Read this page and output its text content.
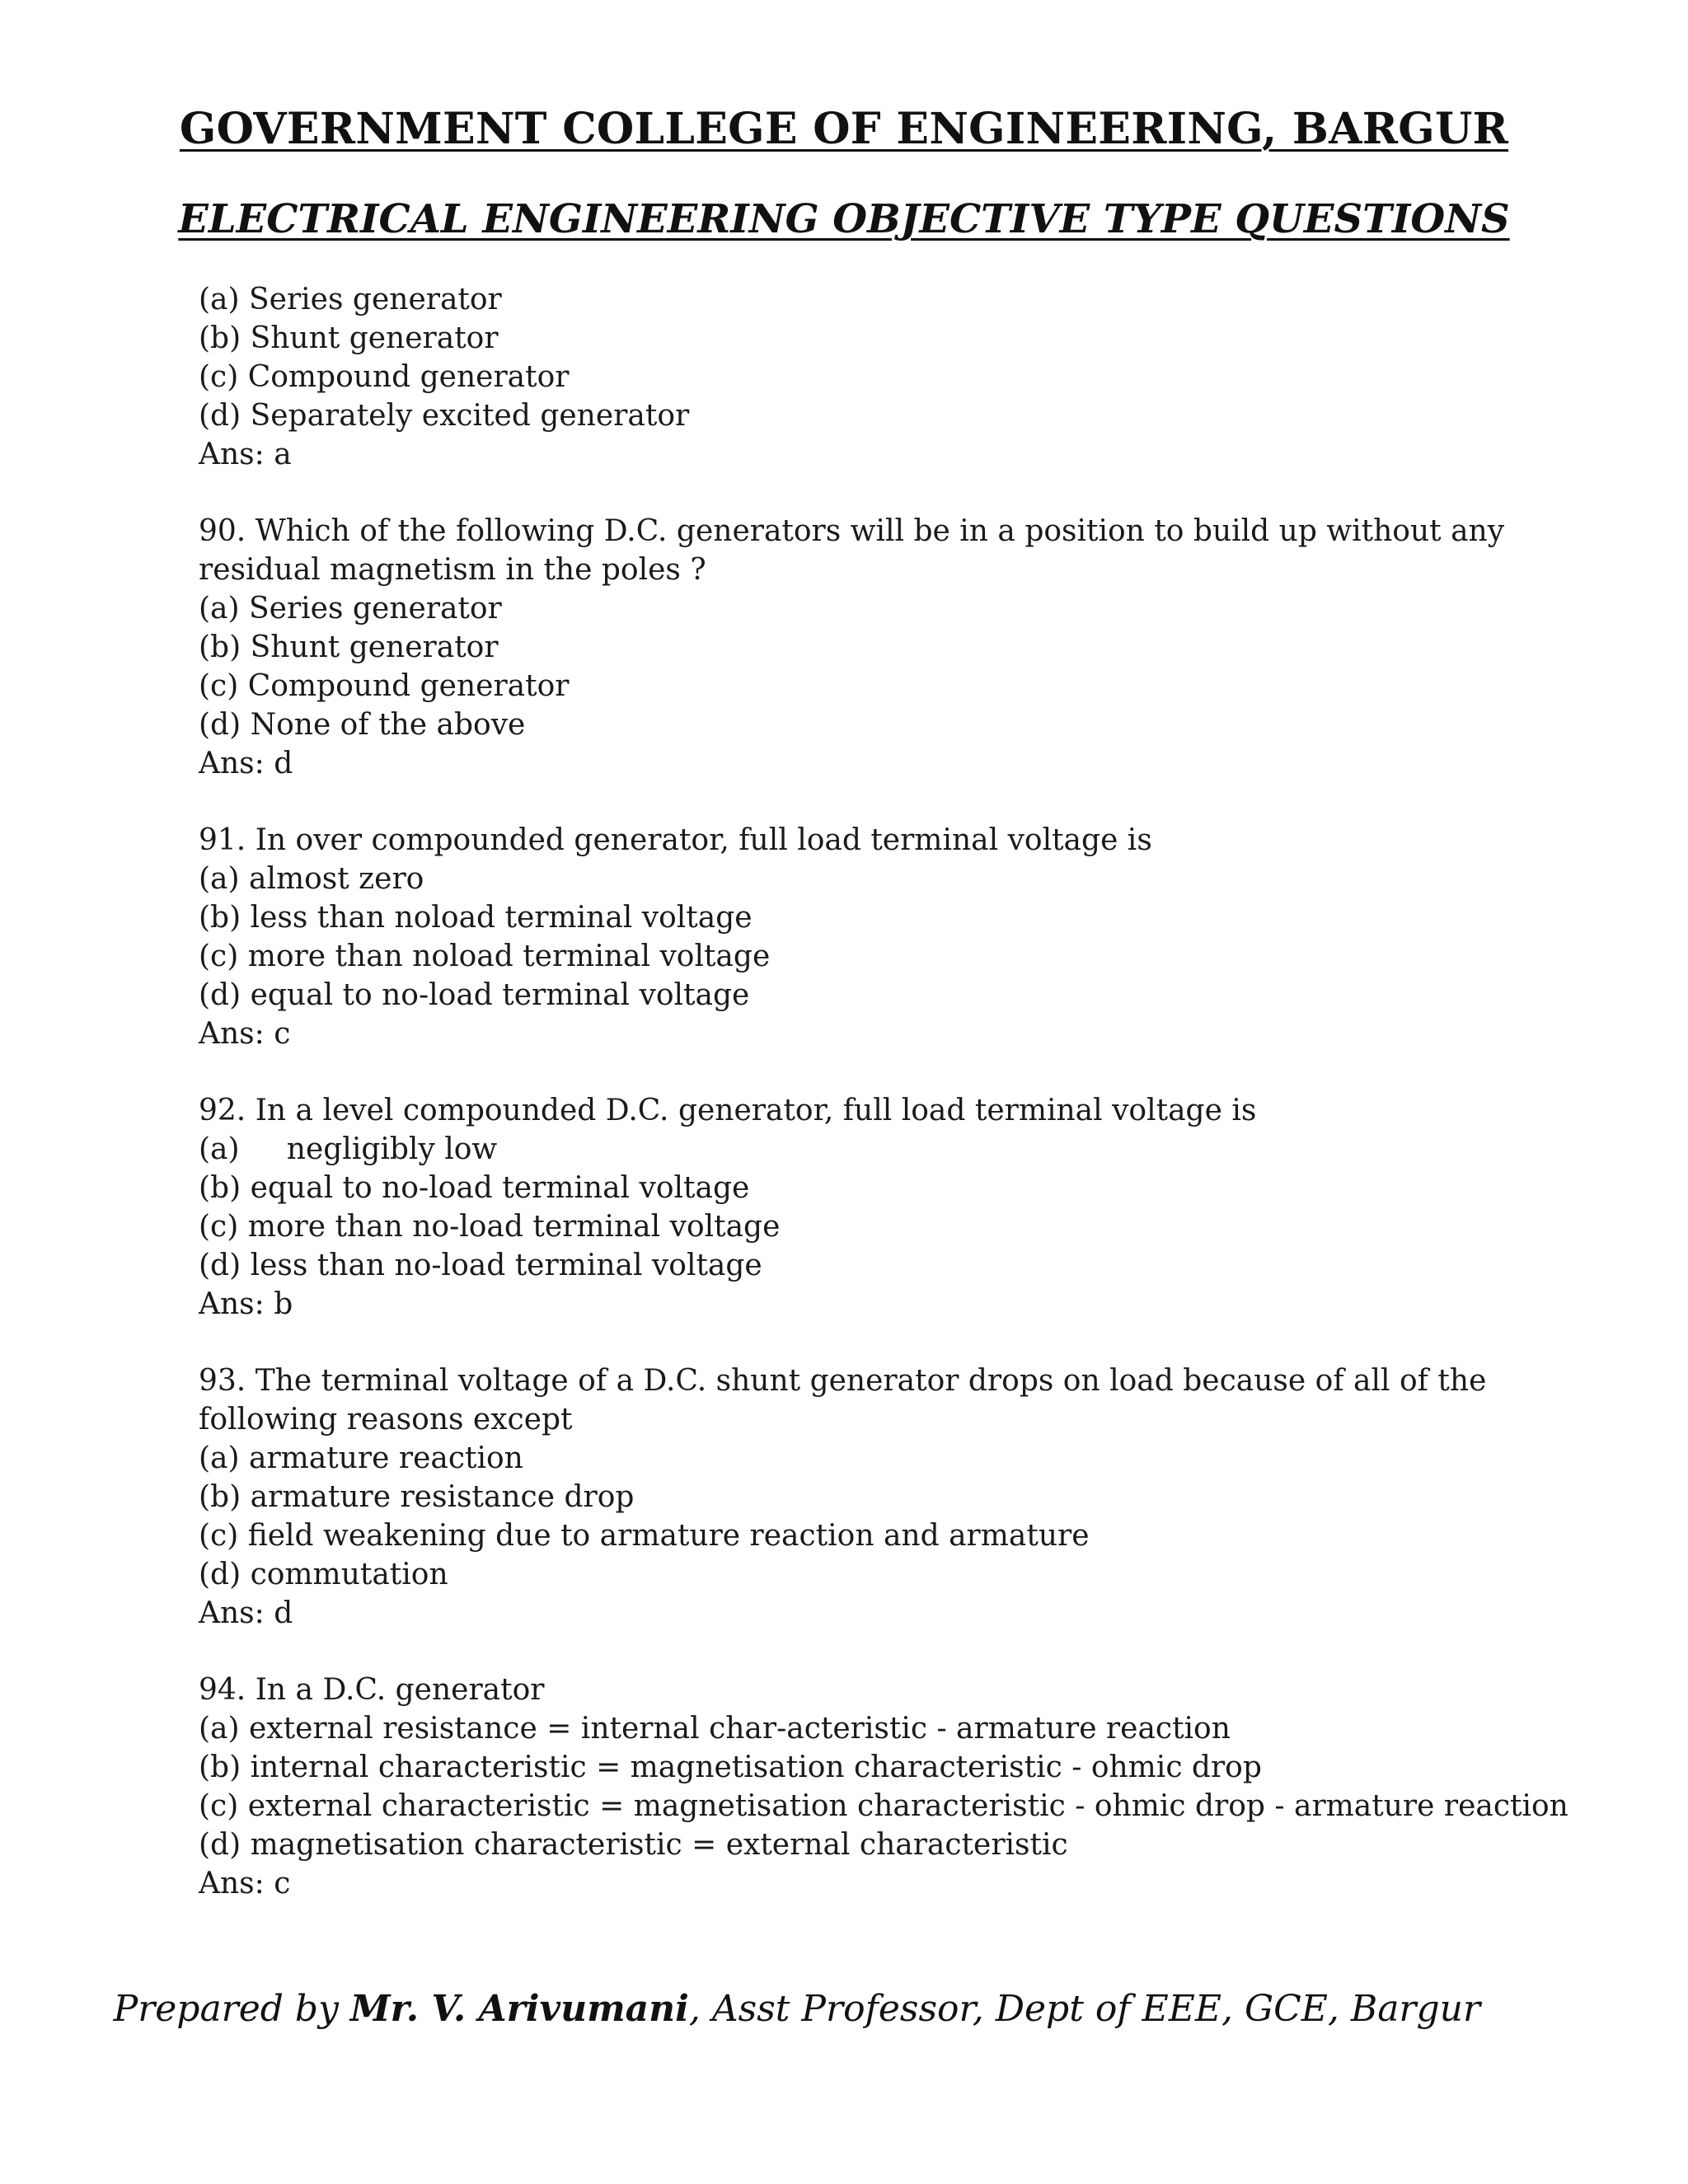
GOVERNMENT COLLEGE OF ENGINEERING, BARGUR
ELECTRICAL ENGINEERING OBJECTIVE TYPE QUESTIONS
(a) Series generator
(b) Shunt generator
(c) Compound generator
(d) Separately excited generator
Ans: a
90. Which of the following D.C. generators will be in a position to build up without any
residual magnetism in the poles ?
(a) Series generator
(b) Shunt generator
(c) Compound generator
(d) None of the above
Ans: d
91. In over compounded generator, full load terminal voltage is
(a) almost zero
(b) less than noload terminal voltage
(c) more than noload terminal voltage
(d) equal to no-load terminal voltage
Ans: c
92. In a level compounded D.C. generator, full load terminal voltage is
(a)     negligibly low
(b) equal to no-load terminal voltage
(c) more than no-load terminal voltage
(d) less than no-load terminal voltage
Ans: b
93. The terminal voltage of a D.C. shunt generator drops on load because of all of the
following reasons except
(a) armature reaction
(b) armature resistance drop
(c) field weakening due to armature reaction and armature
(d) commutation
Ans: d
94. In a D.C. generator
(a) external resistance = internal char-acteristic - armature reaction
(b) internal characteristic = magnetisation characteristic - ohmic drop
(c) external characteristic = magnetisation characteristic - ohmic drop - armature reaction
(d) magnetisation characteristic = external characteristic
Ans: c
Prepared by Mr. V. Arivumani, Asst Professor, Dept of EEE, GCE, Bargur
